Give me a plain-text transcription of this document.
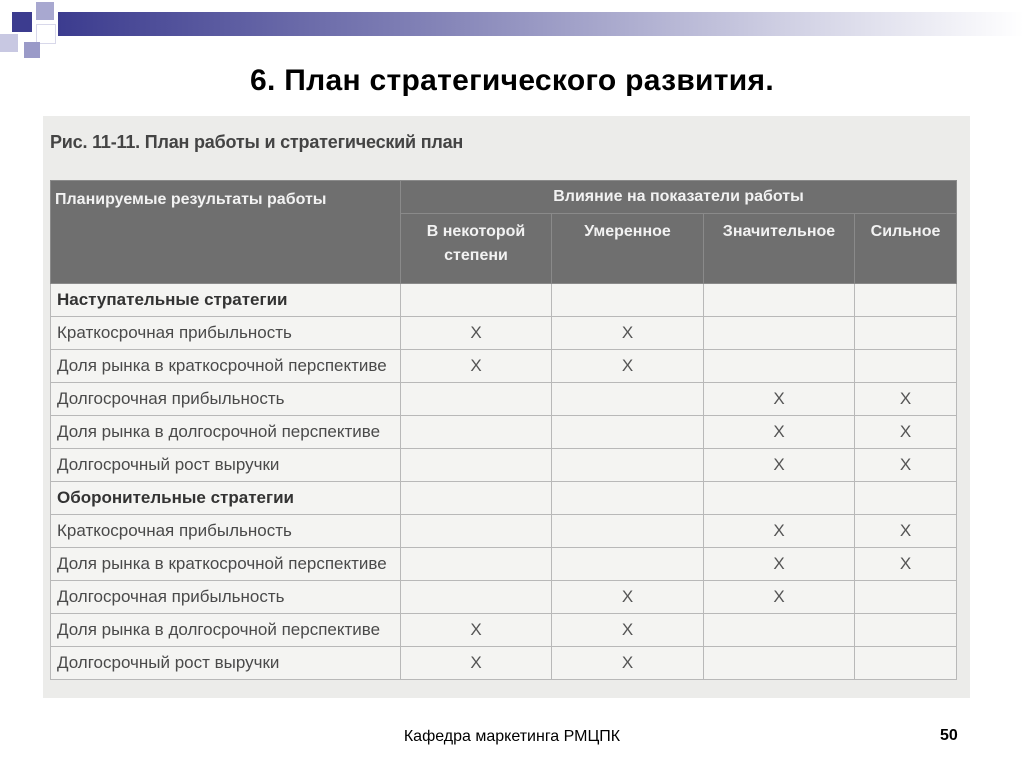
6. План стратегического развития.
Рис. 11-11. План работы и стратегический план
Планируемые результаты работы	Влияние на показатели работы			
	В некоторой степени	Умеренное	Значительное	Сильное
Наступательные стратегии				
Краткосрочная прибыльность	X	X		
Доля рынка в краткосрочной перспективе	X	X		
Долгосрочная прибыльность			X	X
Доля рынка в долгосрочной перспективе			X	X
Долгосрочный рост выручки			X	X
Оборонительные стратегии				
Краткосрочная прибыльность			X	X
Доля рынка в краткосрочной перспективе			X	X
Долгосрочная прибыльность		X	X	
Доля рынка в долгосрочной перспективе	X	X		
Долгосрочный рост выручки	X	X		
Кафедра маркетинга РМЦПК	50
